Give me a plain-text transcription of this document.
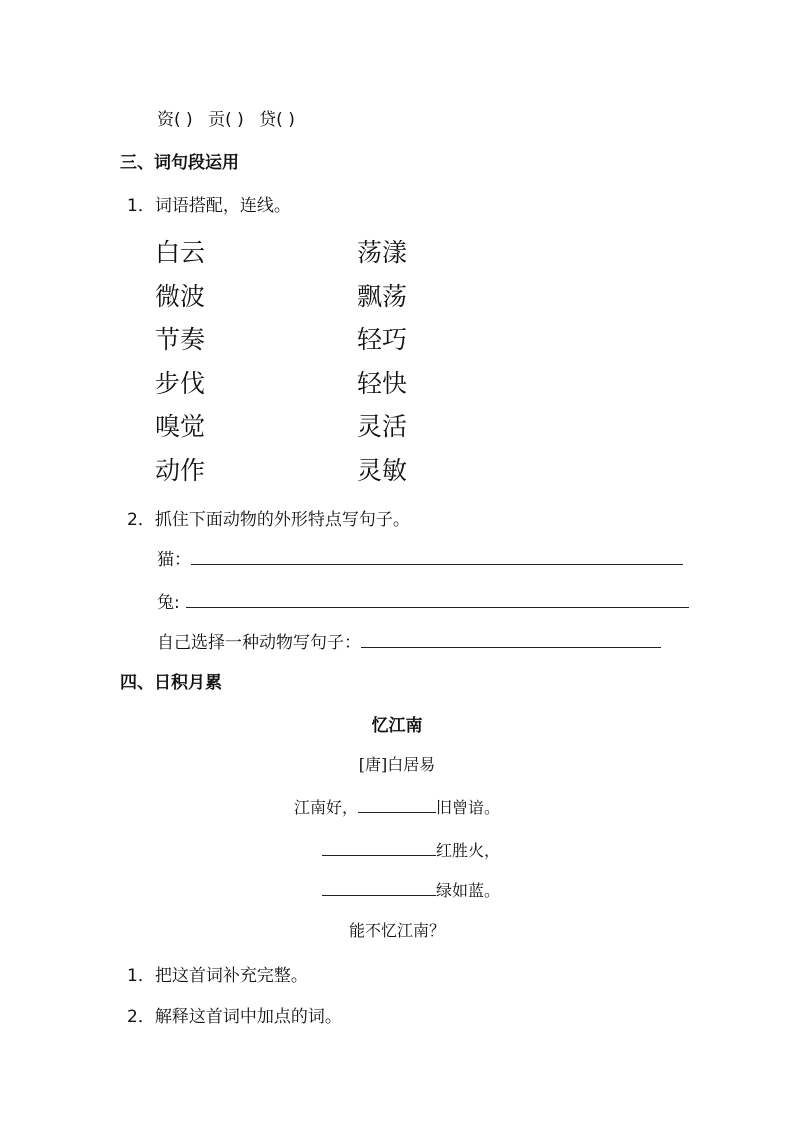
资( ) 贡( ) 贷( )
三、词句段运用
1．词语搭配，连线。
白云
微波
节奏
步伐
嗅觉
动作
荡漾
飘荡
轻巧
轻快
灵活
灵敏
2．抓住下面动物的外形特点写句子。
猫：
兔:
自己选择一种动物写句子：
四、日积月累
忆江南
[唐]白居易
江南好，	旧曾谙。
红胜火，
绿如蓝。
能不忆江南？
1．把这首词补充完整。
2．解释这首词中加点的词。
